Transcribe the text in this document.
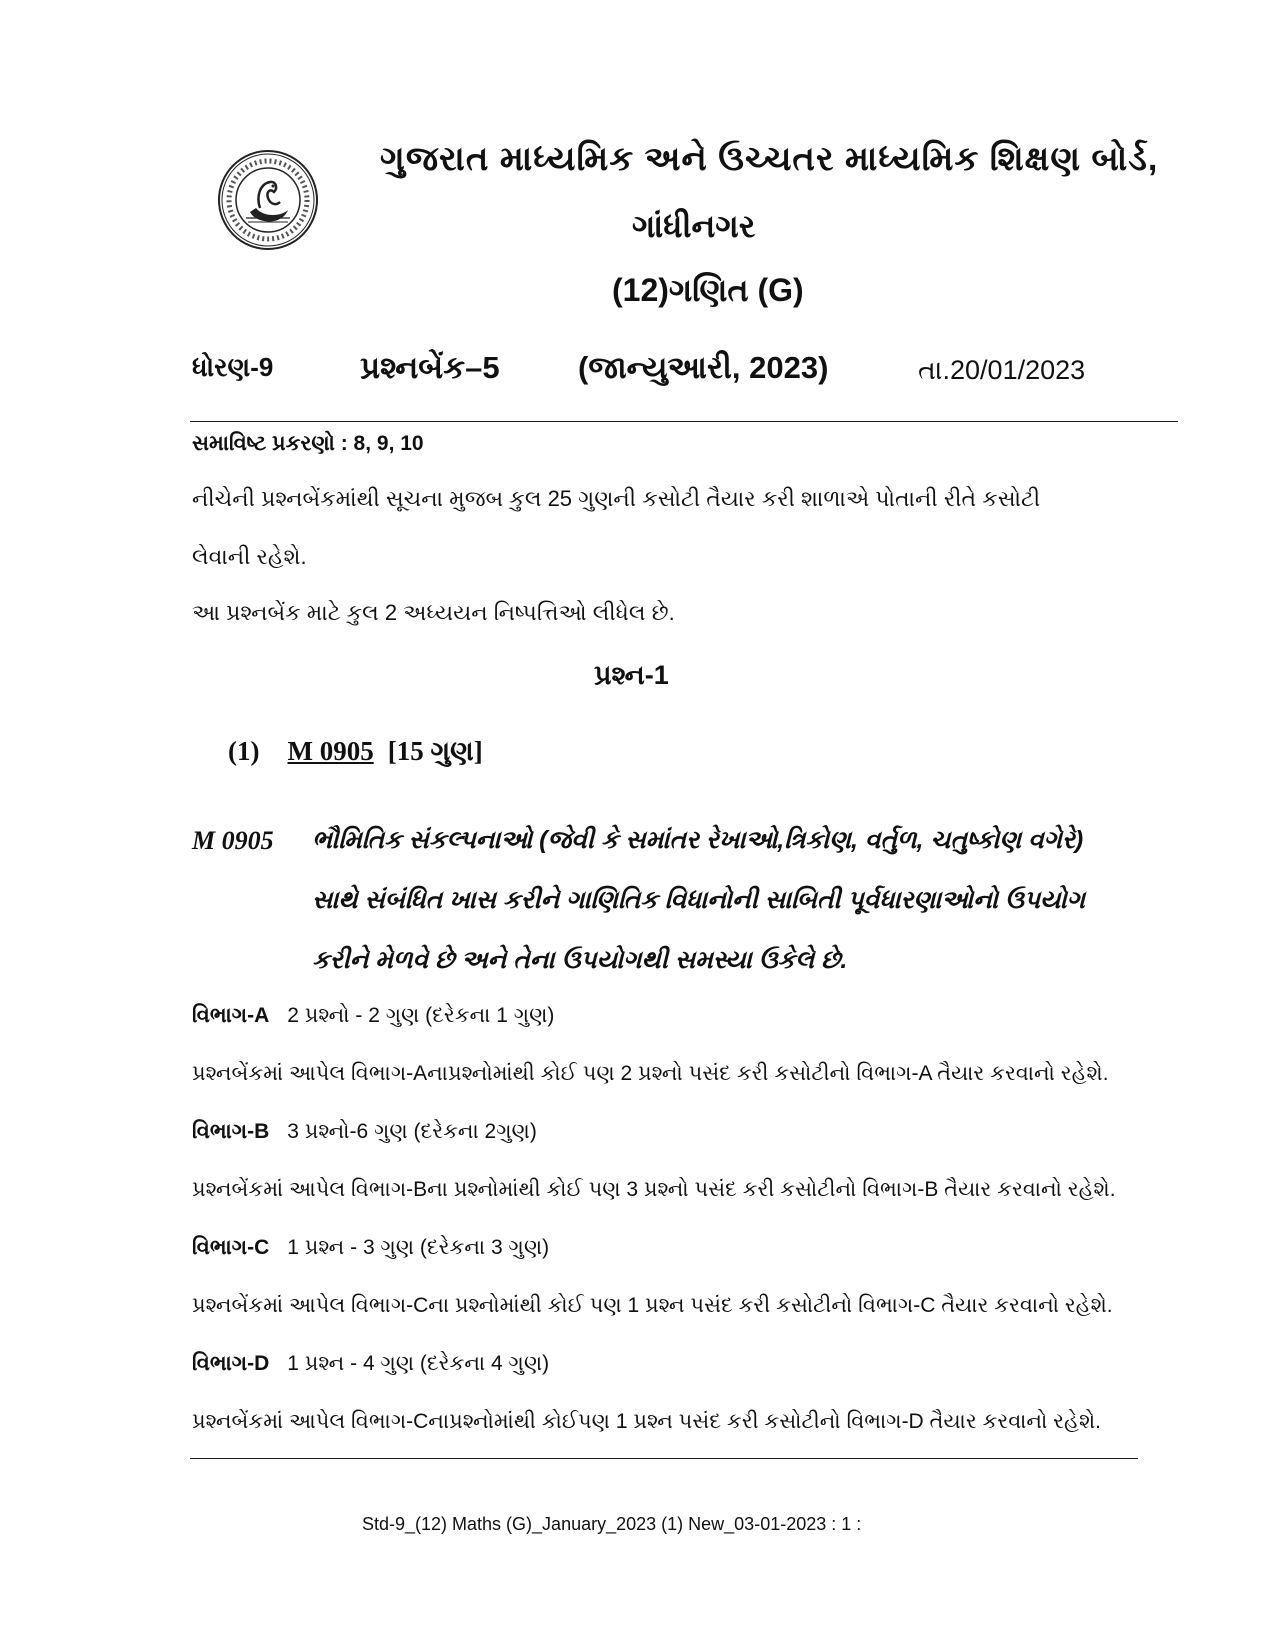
ગુજરાત માધ્યમિક અને ઉચ્ચતર માધ્યમિક શિક્ષણ બોર્ડ,
ગાંધીનગર
(12)ગણિત (G)
ધોરણ-9	પ્રશ્નબેંક–5	(જાન્યુઆરી, 2023)	તા.20/01/2023
સમાવિષ્ટ પ્રકરણો : 8, 9, 10
નીચેની પ્રશ્નબેંકમાંથી સૂચના મુજબ કુલ 25 ગુણની કસોટી તૈયાર કરી શાળાએ પોતાની રીતે કસોટી
લેવાની રહેશે.
આ પ્રશ્નબેંક માટે કુલ 2 અધ્યયન નિષ્પત્તિઓ લીધેલ છે.
પ્રશ્ન-1
(1) M 0905 [15 ગુણ]
M 0905 ભૌમિતિક સંકલ્પનાઓ (જેવી કે સમાંતર રેખાઓ,ત્રિકોણ, વર્તુળ, ચતુષ્કોણ વગેરે)
સાથે સંબંધિત ખાસ કરીને ગાણિતિક વિધાનોની સાબિતી પૂર્વધારણાઓનો ઉપયોગ
કરીને મેળવે છે અને તેના ઉપયોગથી સમસ્યા ઉકેલે છે.
વિભાગ-A 2 પ્રશ્નો - 2 ગુણ (દરેકના 1 ગુણ)
પ્રશ્નબેંકમાં આપેલ વિભાગ-Aનાપ્રશ્નોમાંથી કોઈ પણ 2 પ્રશ્નો પસંદ કરી કસોટીનો વિભાગ-A તૈયાર કરવાનો રહેશે.
વિભાગ-B 3 પ્રશ્નો-6 ગુણ (દરેકના 2ગુણ)
પ્રશ્નબેંકમાં આપેલ વિભાગ-Bના પ્રશ્નોમાંથી કોઈ પણ 3 પ્રશ્નો પસંદ કરી કસોટીનો વિભાગ-B તૈયાર કરવાનો રહેશે.
વિભાગ-C 1 પ્રશ્ન - 3 ગુણ (દરેકના 3 ગુણ)
પ્રશ્નબેંકમાં આપેલ વિભાગ-Cના પ્રશ્નોમાંથી કોઈ પણ 1 પ્રશ્ન પસંદ કરી કસોટીનો વિભાગ-C તૈયાર કરવાનો રહેશે.
વિભાગ-D 1 પ્રશ્ન - 4 ગુણ (દરેકના 4 ગુણ)
પ્રશ્નબેંકમાં આપેલ વિભાગ-Cનાપ્રશ્નોમાંથી કોઈપણ 1 પ્રશ્ન પસંદ કરી કસોટીનો વિભાગ-D તૈયાર કરવાનો રહેશે.
Std-9_(12) Maths (G)_January_2023 (1) New_03-01-2023 : 1 :
